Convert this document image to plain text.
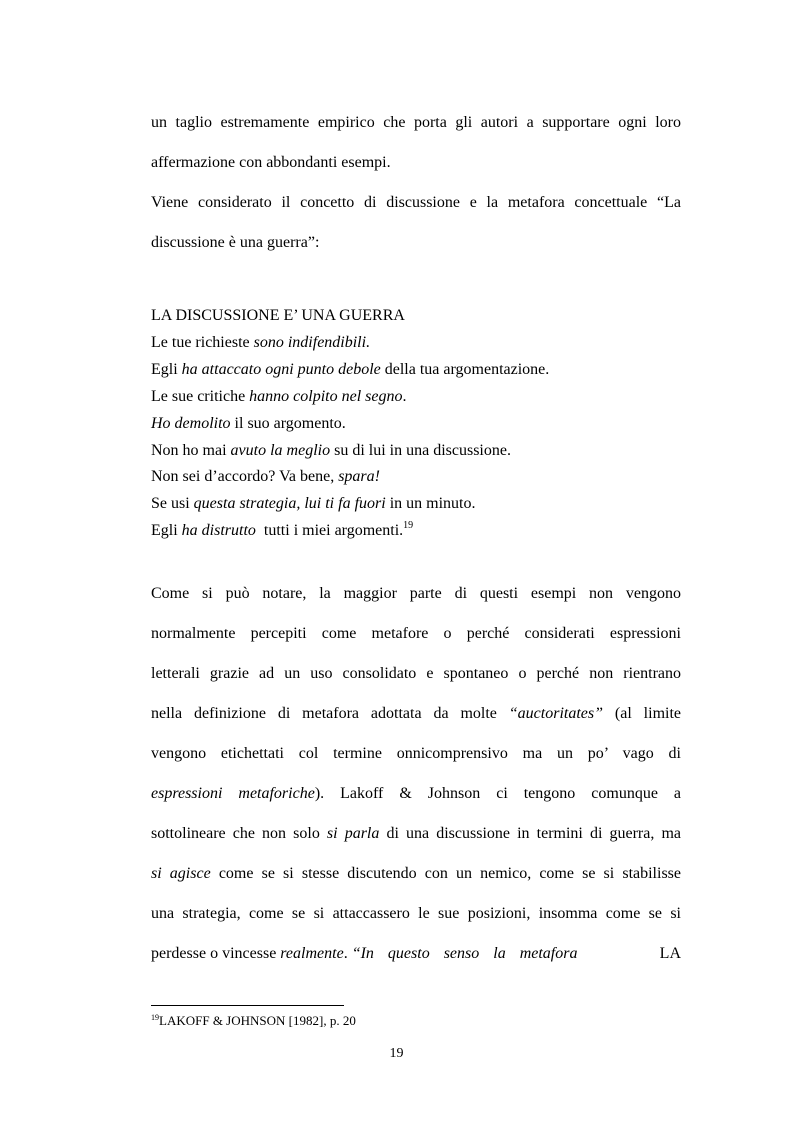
un taglio estremamente empirico che porta gli autori a supportare ogni loro
affermazione con abbondanti esempi.
Viene considerato il concetto di discussione e la metafora concettuale “La
discussione è una guerra”:
LA DISCUSSIONE E’ UNA GUERRA
Le tue richieste sono indifendibili.
Egli ha attaccato ogni punto debole della tua argomentazione.
Le sue critiche hanno colpito nel segno.
Ho demolito il suo argomento.
Non ho mai avuto la meglio su di lui in una discussione.
Non sei d’accordo? Va bene, spara!
Se usi questa strategia, lui ti fa fuori in un minuto.
Egli ha distrutto  tutti i miei argomenti.$^{19}$
Come si può notare, la maggior parte di questi esempi non vengono
normalmente percepiti come metafore o perché considerati espressioni
letterali grazie ad un uso consolidato e spontaneo o perché non rientrano
nella definizione di metafora adottata da molte “auctoritates” (al limite
vengono etichettati col termine onnicomprensivo ma un po’ vago di
espressioni metaforiche). Lakoff & Johnson ci tengono comunque a
sottolineare che non solo si parla di una discussione in termini di guerra, ma
si agisce come se si stesse discutendo con un nemico, come se si stabilisse
una strategia, come se si attaccassero le sue posizioni, insomma come se si
perdesse o vincesse realmente. “In questo senso la metafora	LA
$^{19}$LAKOFF & JOHNSON [1982], p. 20
19
